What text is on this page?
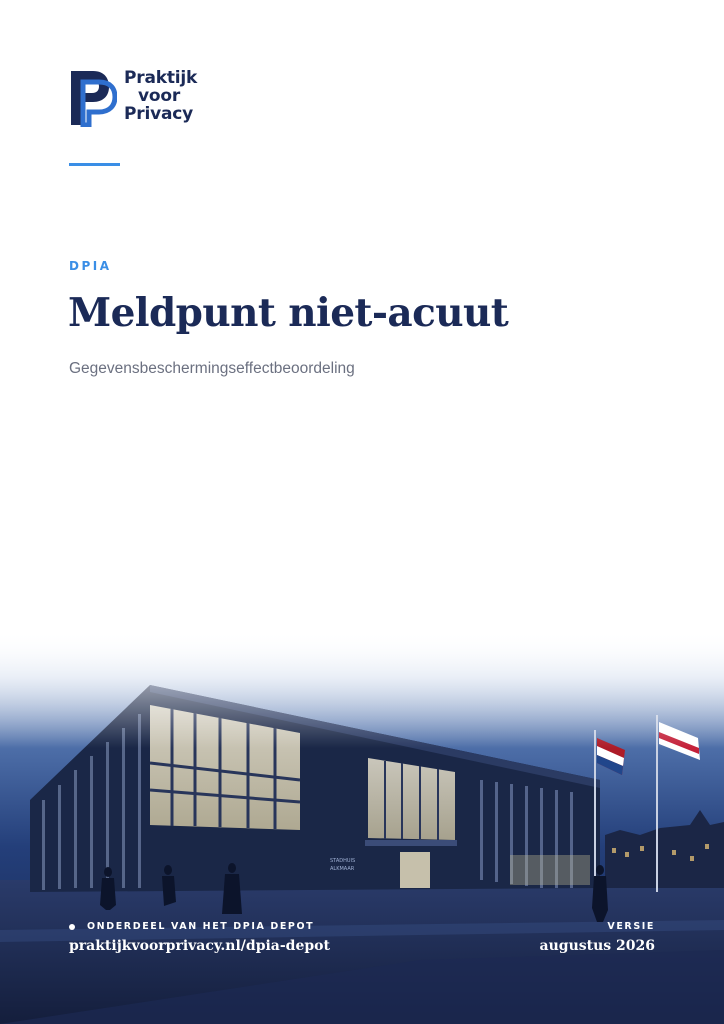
Praktijk
voor
Privacy
DPIA
Meldpunt niet-acuut
Gegevensbeschermingseffectbeoordeling
ONDERDEEL VAN HET DPIA DEPOT
praktijkvoorprivacy.nl/dpia-depot
VERSIE
augustus 2026
